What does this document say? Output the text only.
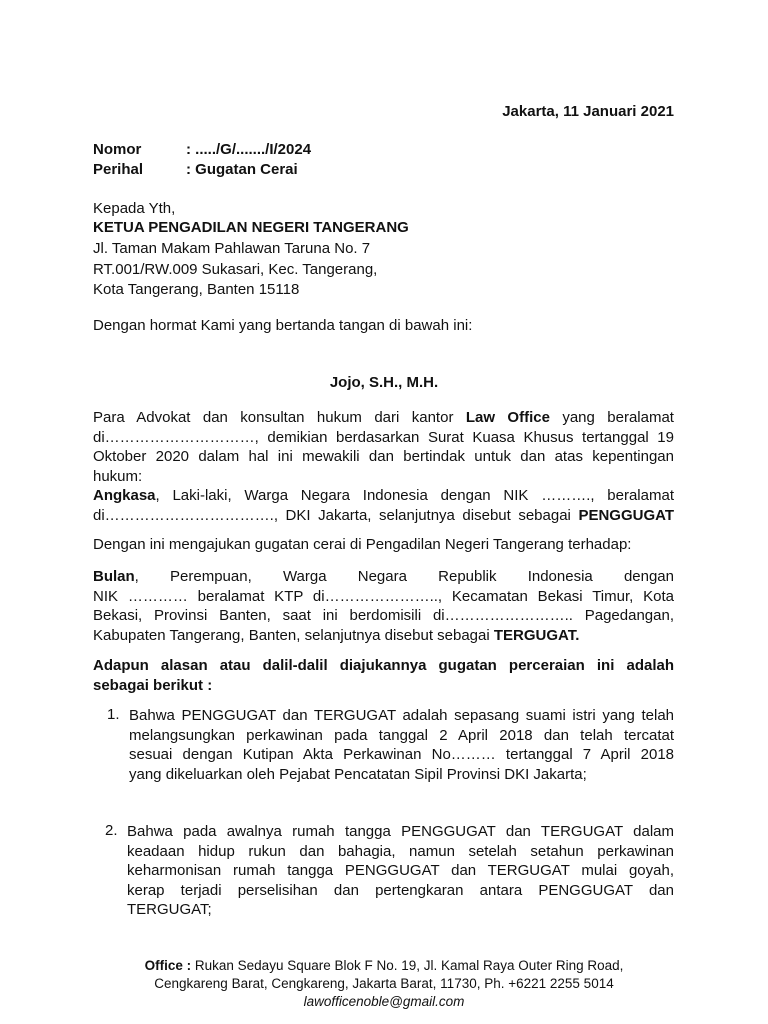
Jakarta, 11 Januari 2021
Nomor	: ...../G/......./I/2024
Perihal	: Gugatan Cerai
Kepada Yth,
KETUA PENGADILAN NEGERI TANGERANG
Jl. Taman Makam Pahlawan Taruna No. 7
RT.001/RW.009 Sukasari, Kec. Tangerang,
Kota Tangerang, Banten 15118
Dengan hormat Kami yang bertanda tangan di bawah ini:
Jojo, S.H., M.H.
Para Advokat dan konsultan hukum dari kantor Law Office yang beralamat
di…………………………, demikian berdasarkan Surat Kuasa Khusus tertanggal 19
Oktober 2020 dalam hal ini mewakili dan bertindak untuk dan atas kepentingan
hukum:
Angkasa, Laki-laki, Warga Negara Indonesia dengan NIK ………., beralamat
di……………………………., DKI Jakarta, selanjutnya disebut sebagai PENGGUGAT
Dengan ini mengajukan gugatan cerai di Pengadilan Negeri Tangerang terhadap:
Bulan, Perempuan, Warga Negara Republik Indonesia dengan
NIK ………… beralamat KTP di………………….., Kecamatan Bekasi Timur, Kota
Bekasi, Provinsi Banten, saat ini berdomisili di…………………….. Pagedangan,
Kabupaten Tangerang, Banten, selanjutnya disebut sebagai TERGUGAT.
Adapun alasan atau dalil-dalil diajukannya gugatan perceraian ini adalah
sebagai berikut :
1. Bahwa PENGGUGAT dan TERGUGAT adalah sepasang suami istri yang telah
melangsungkan perkawinan pada tanggal 2 April 2018 dan telah tercatat
sesuai dengan Kutipan Akta Perkawinan No……… tertanggal 7 April 2018
yang dikeluarkan oleh Pejabat Pencatatan Sipil Provinsi DKI Jakarta;
2. Bahwa pada awalnya rumah tangga PENGGUGAT dan TERGUGAT dalam
keadaan hidup rukun dan bahagia, namun setelah setahun perkawinan
keharmonisan rumah tangga PENGGUGAT dan TERGUGAT mulai goyah,
kerap terjadi perselisihan dan pertengkaran antara PENGGUGAT dan
TERGUGAT;
Office : Rukan Sedayu Square Blok F No. 19, Jl. Kamal Raya Outer Ring Road,
Cengkareng Barat, Cengkareng, Jakarta Barat, 11730, Ph. +6221 2255 5014
lawofficenoble@gmail.com
